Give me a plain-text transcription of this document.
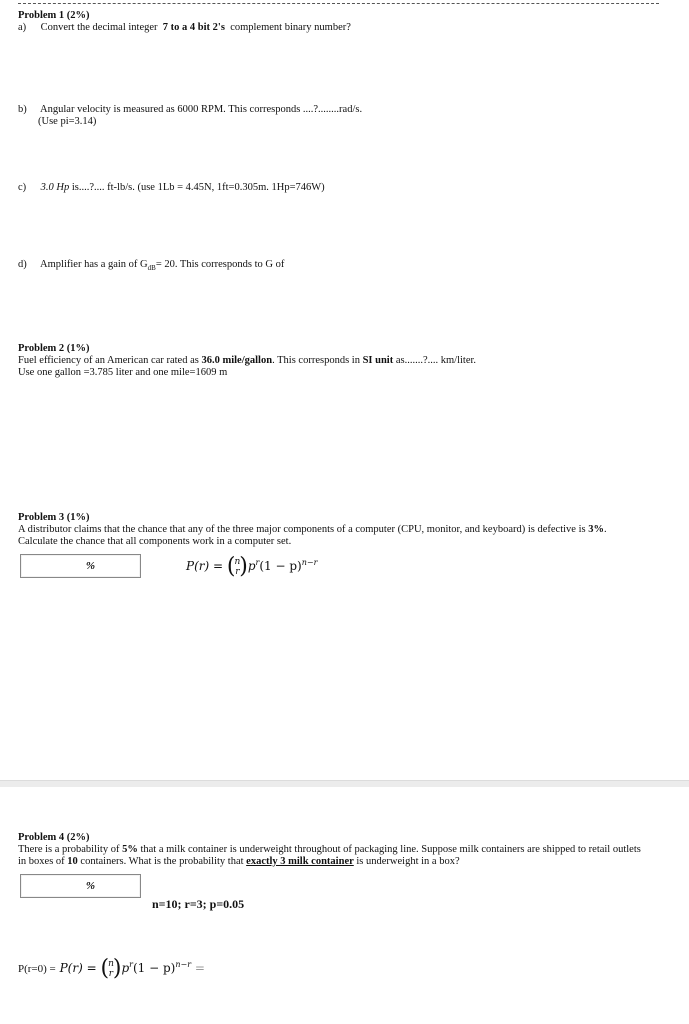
Problem 1 (2%)
a) Convert the decimal integer 7 to a 4 bit 2's complement binary number?
b) Angular velocity is measured as 6000 RPM. This corresponds ....?........rad/s.
(Use pi=3.14)
c) 3.0 Hp is....?.... ft-lb/s. (use 1Lb = 4.45N, 1ft=0.305m. 1Hp=746W)
d) Amplifier has a gain of $G_{dB}= 20$. This corresponds to G of
Problem 2 (1%)
Fuel efficiency of an American car rated as 36.0 mile/gallon. This corresponds in SI unit as.......?.... km/liter.
Use one gallon =3.785 liter and one mile=1609 m
Problem 3 (1%)
A distributor claims that the chance that any of the three major components of a computer (CPU, monitor, and keyboard) is defective is 3%.
Calculate the chance that all components work in a computer set.
%	P(r) = (n
$r)p^r(1 - p)^{n-r}$
Problem 4 (2%)
There is a probability of 5% that a milk container is underweight throughout of packaging line. Suppose milk containers are shipped to retail outlets
in boxes of 10 containers. What is the probability that exactly 3 milk container is underweight in a box?
%
n=10; r=3; p=0.05
P(r=0) = P(r) = (n
$r)p^r(1 - p)^{n-r}$ =
